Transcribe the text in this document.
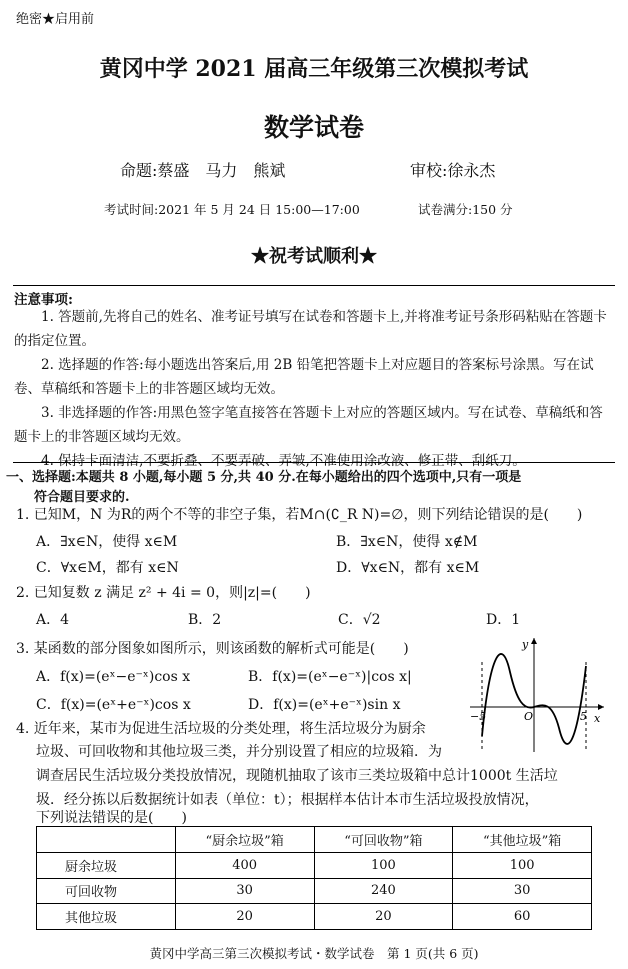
绝密★启用前
黄冈中学 2021 届高三年级第三次模拟考试
数学试卷
命题:蔡盛　马力　熊斌	审校:徐永杰
考试时间:2021 年 5 月 24 日 15:00—17:00	试卷满分:150 分
★祝考试顺利★
注意事项:
1. 答题前,先将自己的姓名、准考证号填写在试卷和答题卡上,并将准考证号条形码粘贴在答题卡的指定位置。
2. 选择题的作答:每小题选出答案后,用 2B 铅笔把答题卡上对应题目的答案标号涂黑。写在试卷、草稿纸和答题卡上的非答题区域均无效。
3. 非选择题的作答:用黑色签字笔直接答在答题卡上对应的答题区域内。写在试卷、草稿纸和答题卡上的非答题区域均无效。
4. 保持卡面清洁,不要折叠、不要弄破、弄皱,不准使用涂改液、修正带、刮纸刀。
一、选择题:本题共 8 小题,每小题 5 分,共 40 分.在每小题给出的四个选项中,只有一项是
符合题目要求的.
1. 已知M，N 为R的两个不等的非空子集，若M∩(∁_R N)=∅，则下列结论错误的是(　　)
A．∃x∈N，使得 x∈M	B．∃x∈N，使得 x∉M
C．∀x∈M，都有 x∈N	D．∀x∈N，都有 x∈M
2. 已知复数 z 满足 z² + 4i = 0，则|z|=(　　)
A．4	B．2	C．√2	D．1
3. 某函数的部分图象如图所示，则该函数的解析式可能是(　　)
A．f(x)=(eˣ−e⁻ˣ)cos x	B．f(x)=(eˣ−e⁻ˣ)|cos x|
C．f(x)=(eˣ+e⁻ˣ)cos x	D．f(x)=(eˣ+e⁻ˣ)sin x
y
x
O
−5	5
4. 近年来，某市为促进生活垃圾的分类处理，将生活垃圾分为厨余
垃圾、可回收物和其他垃圾三类，并分别设置了相应的垃圾箱．为
调查居民生活垃圾分类投放情况，现随机抽取了该市三类垃圾箱中总计1000t 生活垃
圾．经分拣以后数据统计如表（单位：t）；根据样本估计本市生活垃圾投放情况，
下列说法错误的是(　　)
	“厨余垃圾”箱	“可回收物”箱	“其他垃圾”箱
厨余垃圾	400	100	100
可回收物	30	240	30
其他垃圾	20	20	60
黄冈中学高三第三次模拟考试・数学试卷　第 1 页(共 6 页)
